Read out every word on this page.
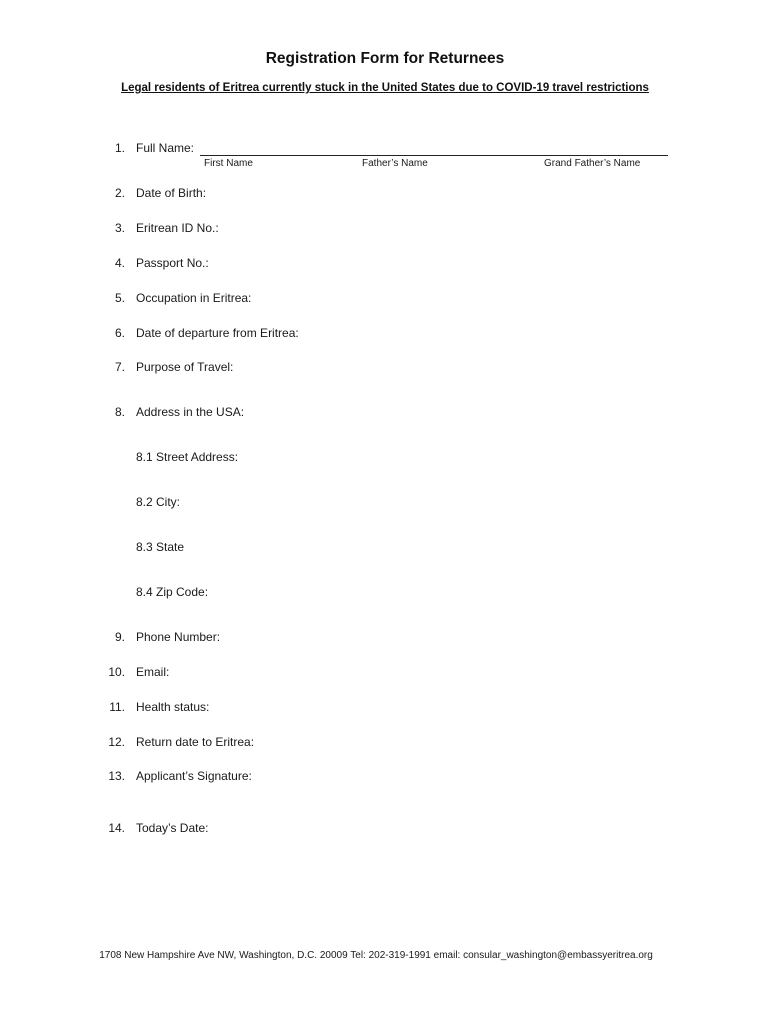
Registration Form for Returnees
Legal residents of Eritrea currently stuck in the United States due to COVID-19 travel restrictions
1. Full Name:
First Name	Father’s Name	Grand Father’s Name
2. Date of Birth:
3. Eritrean ID No.:
4. Passport No.:
5. Occupation in Eritrea:
6. Date of departure from Eritrea:
7. Purpose of Travel:
8. Address in the USA:
8.1 Street Address:
8.2 City:
8.3 State
8.4 Zip Code:
9. Phone Number:
10. Email:
11. Health status:
12. Return date to Eritrea:
13. Applicant’s Signature:
14. Today’s Date:
1708 New Hampshire Ave NW, Washington, D.C. 20009 Tel: 202-319-1991 email: consular_washington@embassyeritrea.org
